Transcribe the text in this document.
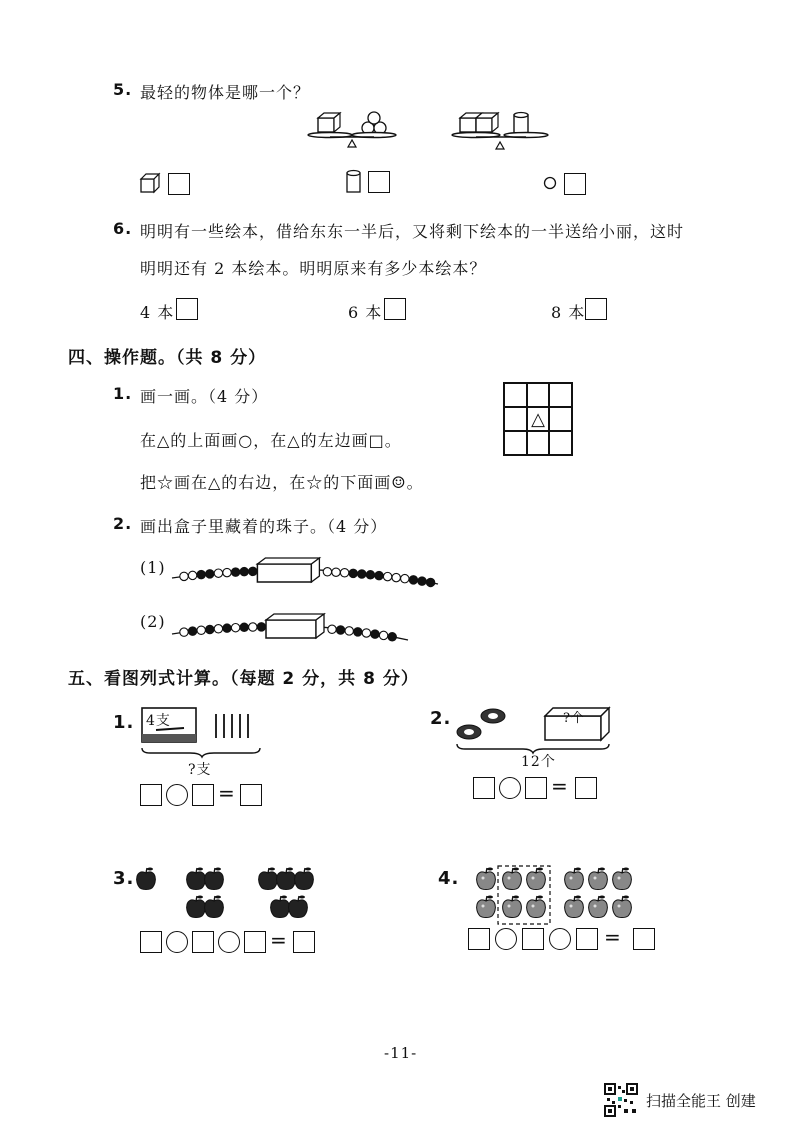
5. 最轻的物体是哪一个？
6. 明明有一些绘本，借给东东一半后，又将剩下绘本的一半送给小丽，这时
明明还有 2 本绘本。明明原来有多少本绘本？
4 本	6 本	8 本
四、操作题。（共 8 分）
1. 画一画。（4 分）
在△的上面画○，在△的左边画□。
把☆画在△的右边，在☆的下面画☺。
△
2. 画出盒子里藏着的珠子。（4 分）
(1)
(2)
五、看图列式计算。（每题 2 分，共 8 分）
1. 4支
?支
=
2.	?个
12个
=
3.
=
4.
=
-11-
扫描全能王 创建
